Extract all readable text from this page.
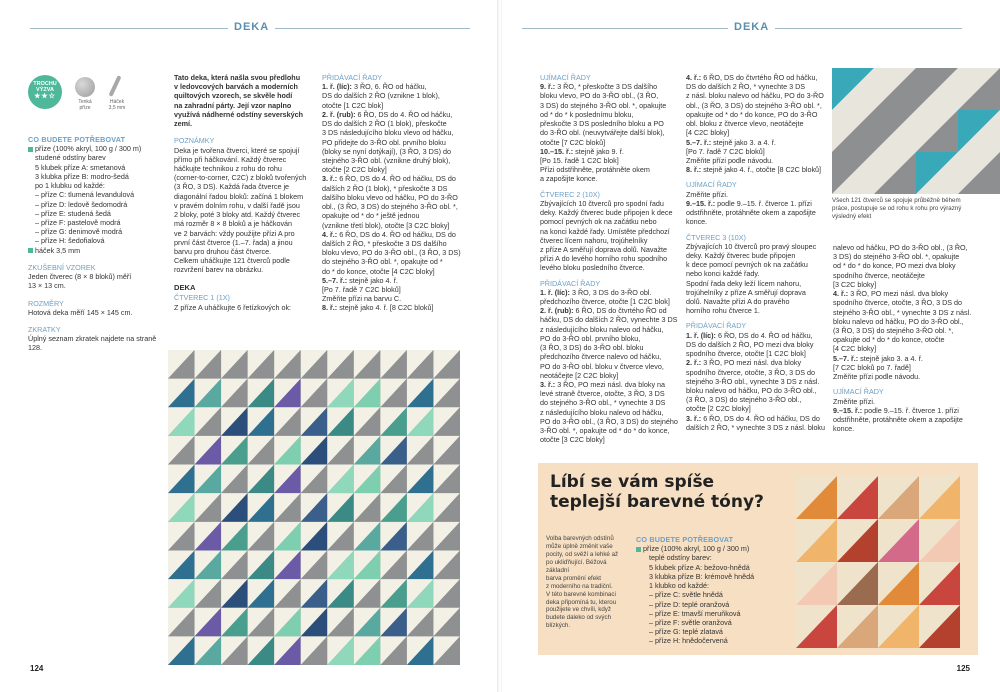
DEKA
TROCHU
VÝZVA
★★☆
Tenká
příze
Háček
3,5 mm
CO BUDETE POTŘEBOVAT
příze (100% akryl, 100 g / 300 m)
studené odstíny barev
5 klubek příze A: smetanová
3 klubka příze B: modro-šedá
po 1 klubku od každé:
– příze C: tlumená levandulová
– příze D: ledově šedomodrá
– příze E: studená šedá
– příze F: pastelově modrá
– příze G: denimově modrá
– příze H: šedofialová
háček 3,5 mm
ZKUŠEBNÍ VZOREK
Jeden čtverec (8 × 8 bloků) měří
13 × 13 cm.
ROZMĚRY
Hotová deka měří 145 × 145 cm.
ZKRATKY
Úplný seznam zkratek najdete na straně 128.
Tato deka, která našla svou předlohu
v ledovcových barvách a moderních
quiltových vzorech, se skvěle hodí
na zahradní párty. Její vzor naplno
využívá nádherné odstíny severských
zemí.
POZNÁMKY
Deka je tvořena čtverci, které se spojují
přímo při háčkování. Každý čtverec
háčkujte technikou z rohu do rohu
(corner-to-corner, C2C) z bloků tvořených
(3 ŘO, 3 DS). Každá řada čtverce je
diagonální řadou bloků: začíná 1 blokem
v pravém dolním rohu, v další řadě jsou
2 bloky, poté 3 bloky atd. Každý čtverec
má rozměr 8 × 8 bloků a je háčkován
ve 2 barvách: vždy použijte přízi A pro
první část čtverce (1.–7. řada) a jinou
barvu pro druhou část čtverce.
Celkem uháčkujte 121 čtverců podle
rozvržení barev na obrázku.
DEKA
ČTVEREC 1 (1X)
Z příze A uháčkujte 6 řetízkových ok:
PŘIDÁVACÍ ŘADY
1. ř. (líc): 3 ŘO, 6. ŘO od háčku,
DS do dalších 2 ŘO (vznikne 1 blok),
otočte [1 C2C blok]
2. ř. (rub): 6 ŘO, DS do 4. ŘO od háčku,
DS do dalších 2 ŘO (1 blok), přeskočte
3 DS následujícího bloku vlevo od háčku,
PO přidejte do 3-ŘO obl. prvního bloku
(bloky se nyní dotýkají), (3 ŘO, 3 DS) do
stejného 3-ŘO obl. (vznikne druhý blok),
otočte [2 C2C bloky]
3. ř.: 6 ŘO, DS do 4. ŘO od háčku, DS do
dalších 2 ŘO (1 blok), * přeskočte 3 DS
dalšího bloku vlevo od háčku, PO do 3-ŘO
obl., (3 ŘO, 3 DS) do stejného 3-ŘO obl. *,
opakujte od * do * ještě jednou
(vznikne třetí blok), otočte [3 C2C bloky]
4. ř.: 6 ŘO, DS do 4. ŘO od háčku, DS do
dalších 2 ŘO, * přeskočte 3 DS dalšího
bloku vlevo, PO do 3-ŘO obl., (3 ŘO, 3 DS)
do stejného 3-ŘO obl. *, opakujte od *
do * do konce, otočte [4 C2C bloky]
5.–7. ř.: stejně jako 4. ř.
[Po 7. řadě 7 C2C bloků]
Změňte přízi na barvu C.
8. ř.: stejně jako 4. ř. [8 C2C bloků]
124
DEKA
Všech 121 čtverců se spojuje průběžně během práce, postupuje se od rohu k rohu pro výrazný výsledný efekt
125
UJÍMACÍ ŘADY
9. ř.: 3 ŘO, * přeskočte 3 DS dalšího
bloku vlevo, PO do 3-ŘO obl., (3 ŘO,
3 DS) do stejného 3-ŘO obl. *, opakujte
od * do * k poslednímu bloku,
přeskočte 3 DS posledního bloku a PO
do 3-ŘO obl. (neuvytvářejte další blok),
otočte [7 C2C bloků]
10.–15. ř.: stejně jako 9. ř.
[Po 15. řadě 1 C2C blok]
Přízi odstřihněte, protáhněte okem
a zapošijte konce.
ČTVEREC 2 (10X)
Zbývajících 10 čtverců pro spodní řadu
deky. Každý čtverec bude připojen k dece
pomocí pevných ok na začátku nebo
na konci každé řady. Umístěte předchozí
čtverec lícem nahoru, trojúhelníky
z příze A směřují doprava dolů. Navažte
přízi A do levého horního rohu spodního
levého bloku posledního čtverce.
PŘIDÁVACÍ ŘADY
1. ř. (líc): 3 ŘO, 3 DS do 3-ŘO obl.
předchozího čtverce, otočte [1 C2C blok]
2. ř. (rub): 6 ŘO, DS do čtvrtého ŘO od
háčku, DS do dalších 2 ŘO, vynechte 3 DS
z následujícího bloku nalevo od háčku,
PO do 3-ŘO obl. prvního bloku,
(3 ŘO, 3 DS) do 3-ŘO obl. bloku
předchozího čtverce nalevo od háčku,
PO do 3-ŘO obl. bloku v čtverce vlevo,
neotáčejte [2 C2C bloky]
3. ř.: 3 ŘO, PO mezi násl. dva bloky na
levé straně čtverce, otočte, 3 ŘO, 3 DS
do stejného 3-ŘO obl., * vynechte 3 DS
z následujícího bloku nalevo od háčku,
PO do 3-ŘO obl., (3 ŘO, 3 DS) do stejného
3-ŘO obl. *, opakujte od * do * do konce,
otočte [3 C2C bloky]
4. ř.: 6 ŘO, DS do čtvrtého ŘO od háčku,
DS do dalších 2 ŘO, * vynechte 3 DS
z násl. bloku nalevo od háčku, PO do 3-ŘO
obl., (3 ŘO, 3 DS) do stejného 3-ŘO obl. *,
opakujte od * do * do konce, PO do 3-ŘO
obl. bloku z čtverce vlevo, neotáčejte
[4 C2C bloky]
5.–7. ř.: stejně jako 3. a 4. ř.
[Po 7. řadě 7 C2C bloků]
Změňte přízi podle návodu.
8. ř.: stejně jako 4. ř., otočte [8 C2C bloků]
UJÍMACÍ ŘADY
Změňte přízi.
9.–15. ř.: podle 9.–15. ř. čtverce 1. přízi
odstřihněte, protáhněte okem a zapošijte
konce.
ČTVEREC 3 (10X)
Zbývajících 10 čtverců pro pravý sloupec
deky. Každý čtverec bude připojen
k dece pomocí pevných ok na začátku
nebo konci každé řady.
Spodní řada deky leží lícem nahoru,
trojúhelníky z příze A směřují doprava
dolů. Navažte přízi A do pravého
horního rohu čtverce 1.
PŘIDÁVACÍ ŘADY
1. ř. (líc): 6 ŘO, DS do 4. ŘO od háčku,
DS do dalších 2 ŘO, PO mezi dva bloky
spodního čtverce, otočte [1 C2C blok]
2. ř.: 3 ŘO, PO mezi násl. dva bloky
spodního čtverce, otočte, 3 ŘO, 3 DS do
stejného 3-ŘO obl., vynechte 3 DS z násl.
bloku nalevo od háčku, PO do 3-ŘO obl.,
(3 ŘO, 3 DS) do stejného 3-ŘO obl.,
otočte [2 C2C bloky]
3. ř.: 6 ŘO, DS do 4. ŘO od háčku, DS do
dalších 2 ŘO, * vynechte 3 DS z násl. bloku
nalevo od háčku, PO do 3-ŘO obl., (3 ŘO,
3 DS) do stejného 3-ŘO obl. *, opakujte
od * do * do konce, PO mezi dva bloky
spodního čtverce, neotáčejte
[3 C2C bloky]
4. ř.: 3 ŘO, PO mezi násl. dva bloky
spodního čtverce, otočte, 3 ŘO, 3 DS do
stejného 3-ŘO obl., * vynechte 3 DS z násl.
bloku nalevo od háčku, PO do 3-ŘO obl.,
(3 ŘO, 3 DS) do stejného 3-ŘO obl. *,
opakujte od * do * do konce, otočte
[4 C2C bloky]
5.–7. ř.: stejně jako 3. a 4. ř.
[7 C2C bloků po 7. řadě]
Změňte přízi podle návodu.
UJÍMACÍ ŘADY
Změňte přízi.
9.–15. ř.: podle 9.–15. ř. čtverce 1. přízi
odstřihněte, protáhněte okem a zapošijte
konce.
Líbí se vám spíše
teplejší barevné tóny?
Volba barevných odstínů
může úplně změnit vaše
pocity, od svěží a lehké až
po ukliďňující. Béžová základní
barva promění efekt
z moderního na tradiční.
V této barevné kombinaci
deka připomíná tu, kterou
použijete ve chvíli, když
budete daleko od svých
blízkých.
CO BUDETE POTŘEBOVAT
příze (100% akryl, 100 g / 300 m)
teplé odstíny barev:
5 klubek příze A: bežovo-hnědá
3 klubka příze B: krémově hnědá
1 klubko od každé:
– příze C: světle hnědá
– příze D: teplé oranžová
– příze E: tmavší meruňková
– příze F: světle oranžová
– příze G: teplé zlatavá
– příze H: hnědočervená
